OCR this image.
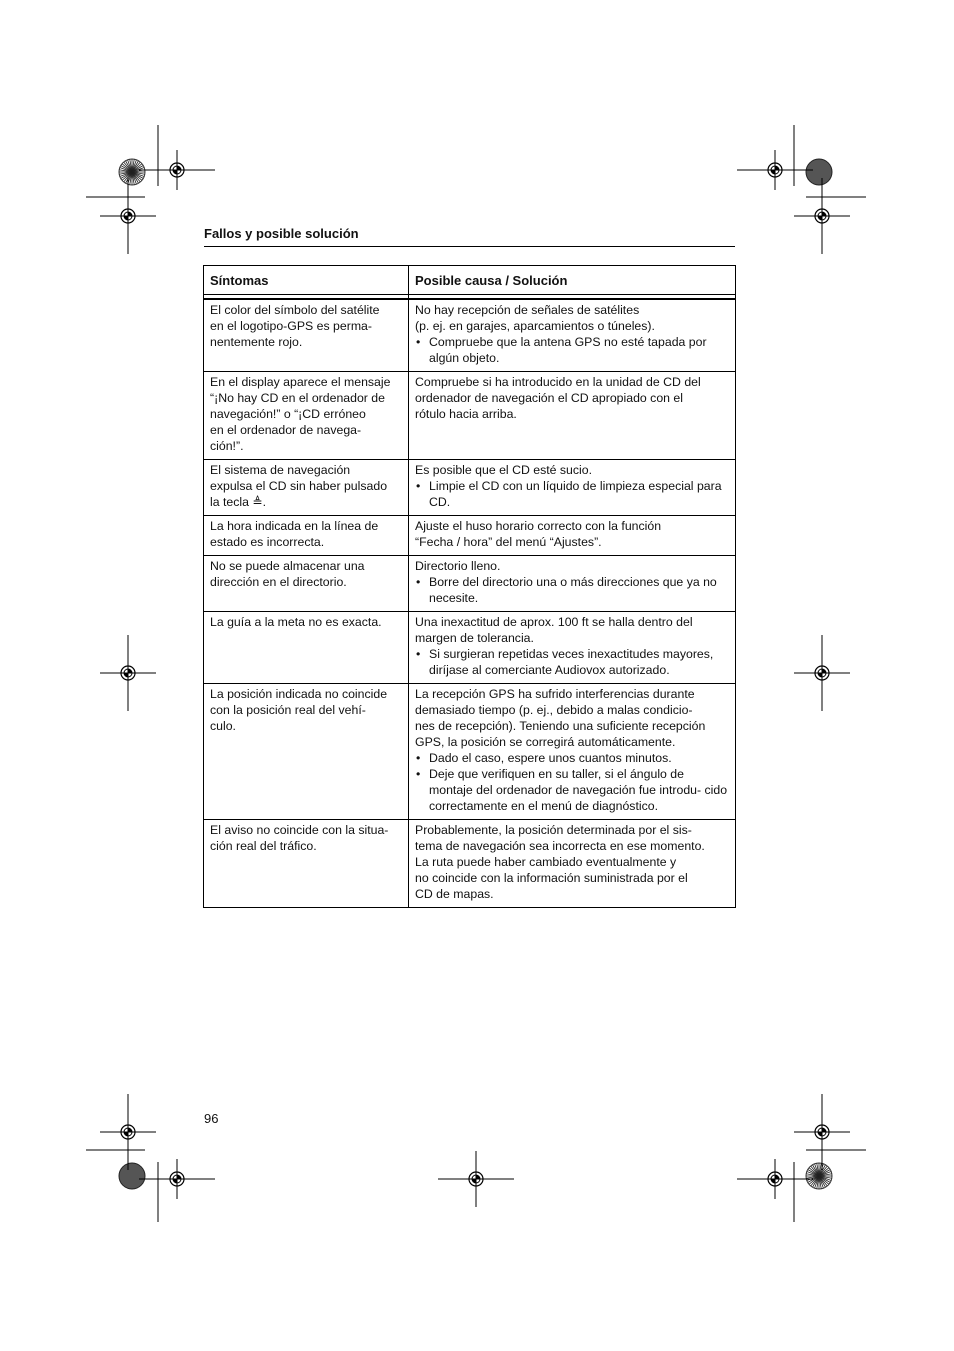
Fallos y posible solución
Síntomas	Posible causa / Solución
El color del símbolo del satélite
en el logotipo-GPS es perma-
nentemente rojo.
No hay recepción de señales de satélites
(p. ej. en garajes, aparcamientos o túneles).
• Compruebe que la antena GPS no esté tapada por algún objeto.
En el display aparece el mensaje
“¡No hay CD en el ordenador de
navegación!” o “¡CD erróneo
en el ordenador de navega-
ción!”.
Compruebe si ha introducido en la unidad de CD del
ordenador de navegación el CD apropiado con el
rótulo hacia arriba.
El sistema de navegación
expulsa el CD sin haber pulsado
la tecla ≜.
Es posible que el CD esté sucio.
• Limpie el CD con un líquido de limpieza especial para CD.
La hora indicada en la línea de
estado es incorrecta.
Ajuste el huso horario correcto con la función
“Fecha / hora” del menú “Ajustes”.
No se puede almacenar una
dirección en el directorio.
Directorio lleno.
• Borre del directorio una o más direcciones que ya no necesite.
La guía a la meta no es exacta.	Una inexactitud de aprox. 100 ft se halla dentro del
margen de tolerancia.
• Si surgieran repetidas veces inexactitudes mayores, diríjase al comerciante Audiovox autorizado.
La posición indicada no coincide
con la posición real del vehí-
culo.
La recepción GPS ha sufrido interferencias durante
demasiado tiempo (p. ej., debido a malas condicio-
nes de recepción). Teniendo una suficiente recepción
GPS, la posición se corregirá automáticamente.
• Dado el caso, espere unos cuantos minutos.
• Deje que verifiquen en su taller, si el ángulo de montaje del ordenador de navegación fue introdu- cido correctamente en el menú de diagnóstico.
El aviso no coincide con la situa-
ción real del tráfico.
Probablemente, la posición determinada por el sis-
tema de navegación sea incorrecta en ese momento.
La ruta puede haber cambiado eventualmente y
no coincide con la información suministrada por el
CD de mapas.
96
